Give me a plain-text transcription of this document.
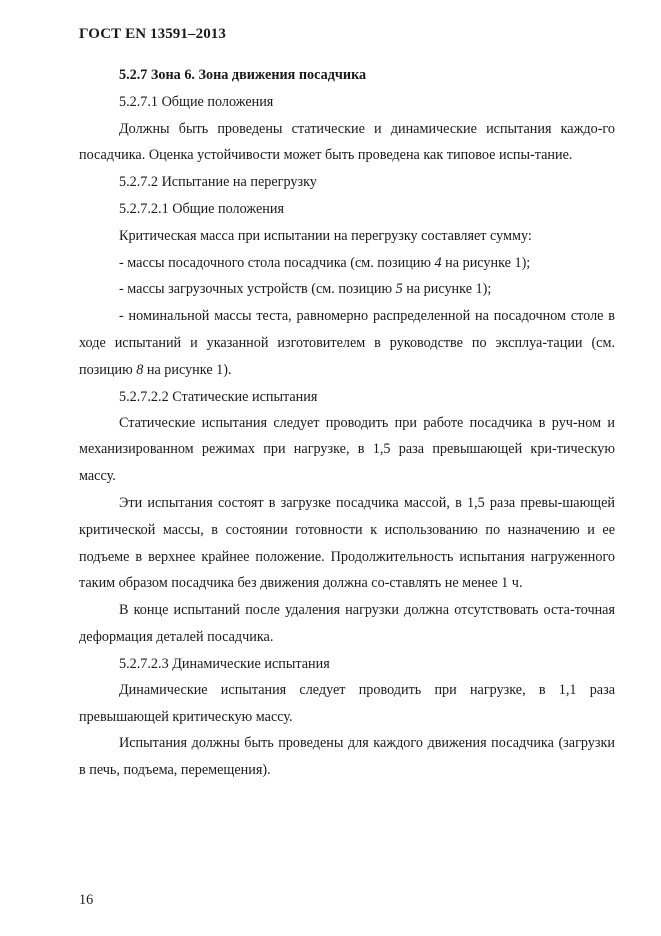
ГОСТ EN 13591–2013

5.2.7 Зона 6. Зона движения посадчика

5.2.7.1 Общие положения

Должны быть проведены статические и динамические испытания каждо-го посадчика. Оценка устойчивости может быть проведена как типовое испы-тание.

5.2.7.2 Испытание на перегрузку

5.2.7.2.1 Общие положения

Критическая масса при испытании на перегрузку составляет сумму:

- массы посадочного стола посадчика (см. позицию 4 на рисунке 1);

- массы загрузочных устройств (см. позицию 5 на рисунке 1);

- номинальной массы теста, равномерно распределенной на посадочном столе в ходе испытаний и указанной изготовителем в руководстве по эксплуа-тации (см. позицию 8 на рисунке 1).

5.2.7.2.2 Статические испытания

Статические испытания следует проводить при работе посадчика в руч-ном и механизированном режимах при нагрузке, в 1,5 раза превышающей кри-тическую массу.

Эти испытания состоят в загрузке посадчика массой, в 1,5 раза превы-шающей критической массы, в состоянии готовности к использованию по назначению и ее подъеме в верхнее крайнее положение. Продолжительность испытания нагруженного таким образом посадчика без движения должна со-ставлять не менее 1 ч.

В конце испытаний после удаления нагрузки должна отсутствовать оста-точная деформация деталей посадчика.

5.2.7.2.3 Динамические испытания

Динамические испытания следует проводить при нагрузке, в 1,1 раза превышающей критическую массу.

Испытания должны быть проведены для каждого движения посадчика (загрузки в печь, подъема, перемещения).

16
